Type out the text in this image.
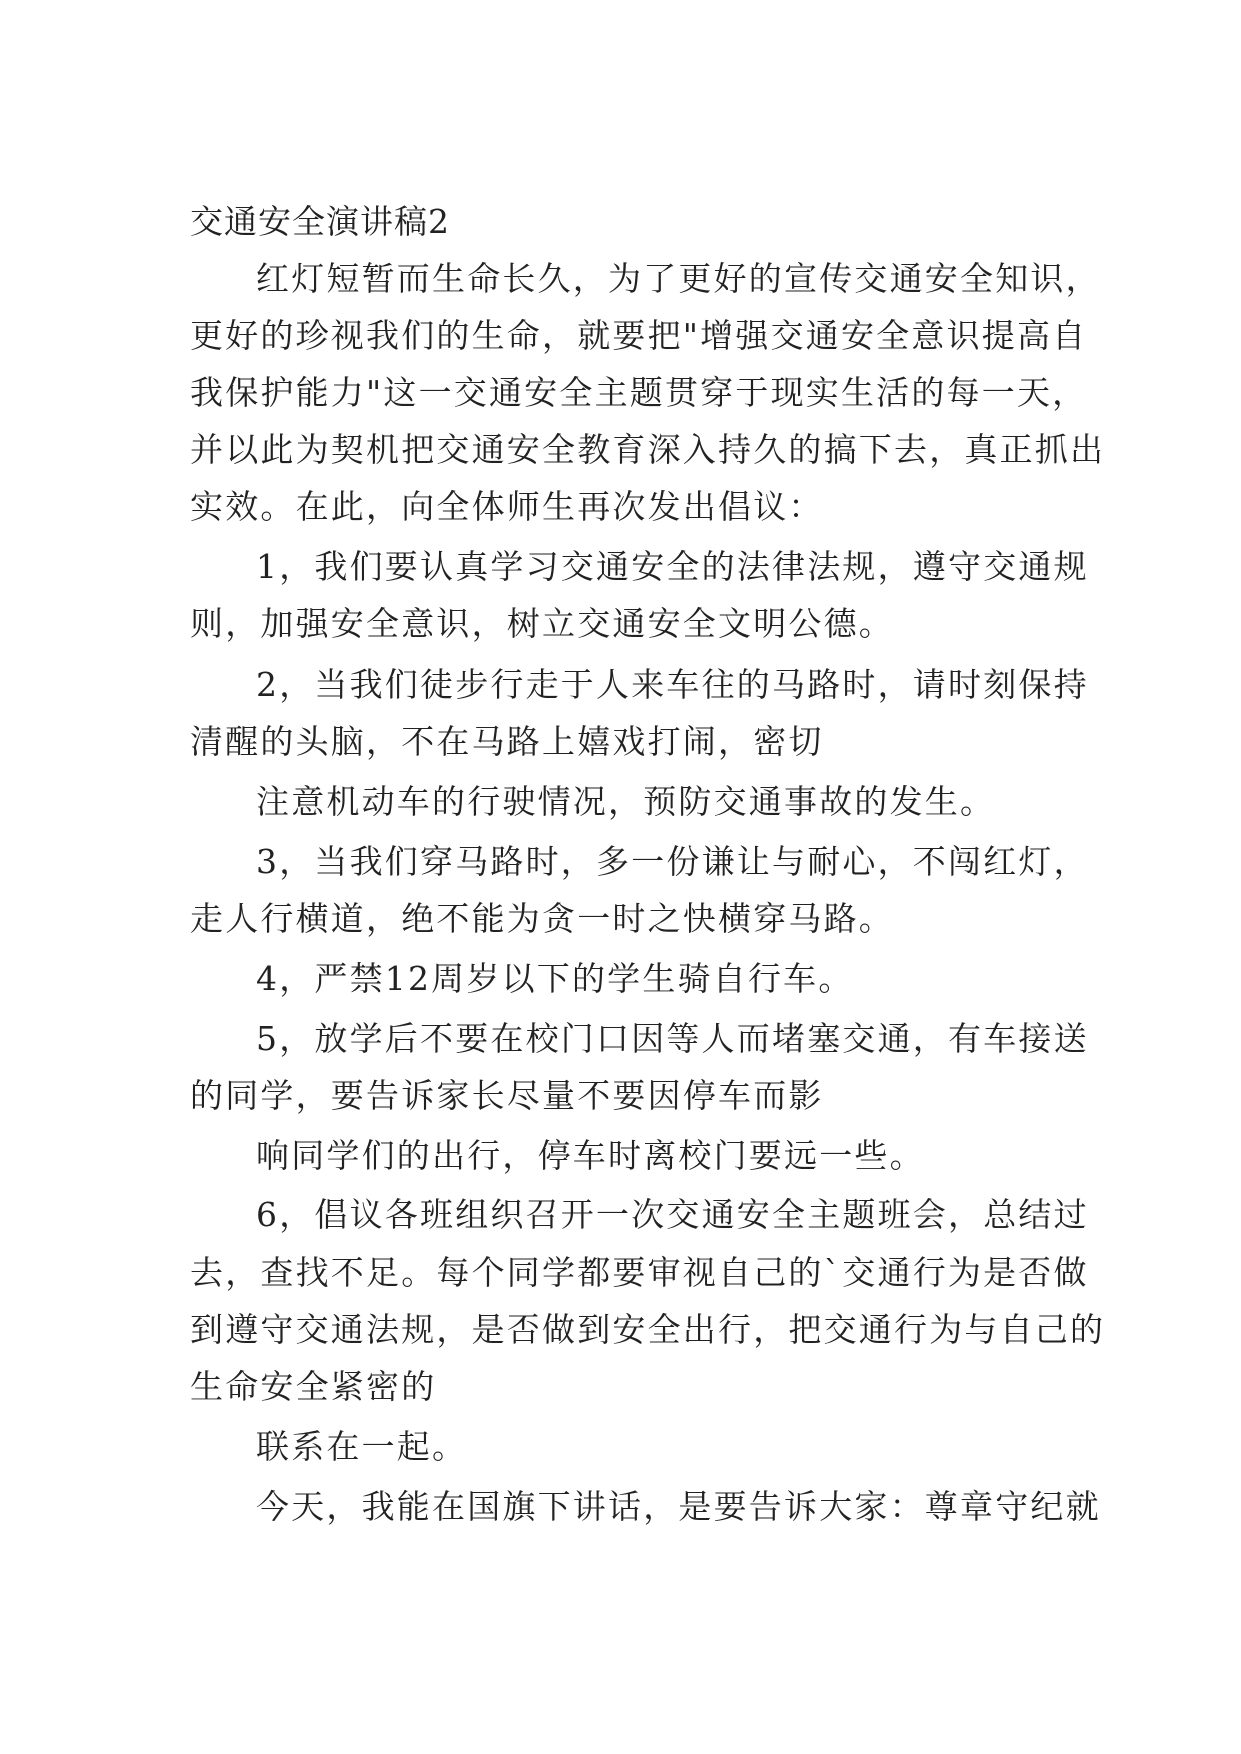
交通安全演讲稿2
红灯短暂而生命长久，为了更好的宣传交通安全知识，
更好的珍视我们的生命，就要把"增强交通安全意识提高自
我保护能力"这一交通安全主题贯穿于现实生活的每一天，
并以此为契机把交通安全教育深入持久的搞下去，真正抓出
实效。在此，向全体师生再次发出倡议：
1，我们要认真学习交通安全的法律法规，遵守交通规
则，加强安全意识，树立交通安全文明公德。
2，当我们徒步行走于人来车往的马路时，请时刻保持
清醒的头脑，不在马路上嬉戏打闹，密切
注意机动车的行驶情况，预防交通事故的发生。
3，当我们穿马路时，多一份谦让与耐心，不闯红灯，
走人行横道，绝不能为贪一时之快横穿马路。
4，严禁12周岁以下的学生骑自行车。
5，放学后不要在校门口因等人而堵塞交通，有车接送
的同学，要告诉家长尽量不要因停车而影
响同学们的出行，停车时离校门要远一些。
6，倡议各班组织召开一次交通安全主题班会，总结过
去，查找不足。每个同学都要审视自己的`交通行为是否做
到遵守交通法规，是否做到安全出行，把交通行为与自己的
生命安全紧密的
联系在一起。
今天，我能在国旗下讲话，是要告诉大家：尊章守纪就
